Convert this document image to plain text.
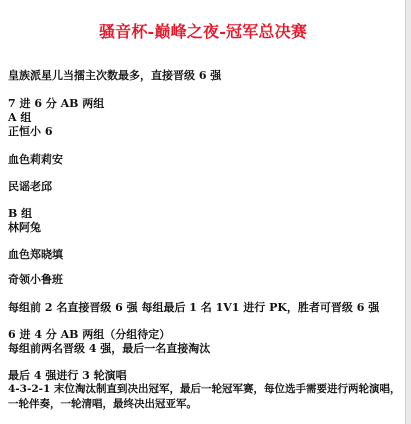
骚音杯-巅峰之夜-冠军总决赛
皇族派星儿当擂主次数最多，直接晋级 6 强
7 进 6 分 AB 两组
A 组
正恒小 6
血色莉莉安
民谣老邱
B 组
林阿兔
血色郑晓填
奇领小鲁班
每组前 2 名直接晋级 6 强 每组最后 1 名 1V1 进行 PK，胜者可晋级 6 强
6 进 4 分 AB 两组（分组待定）
每组前两名晋级 4 强，最后一名直接淘汰
最后 4 强进行 3 轮演唱
4-3-2-1 末位淘汰制直到决出冠军，最后一轮冠军赛，每位选手需要进行两轮演唱，
一轮伴奏，一轮清唱，最终决出冠亚军。
